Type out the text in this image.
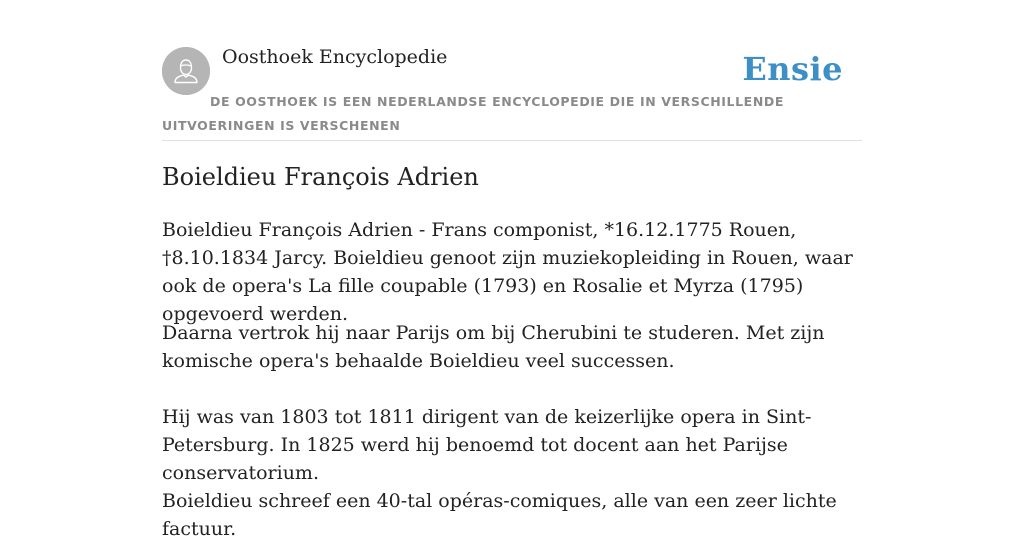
Oosthoek Encyclopedie	Ensie
DE OOSTHOEK IS EEN NEDERLANDSE ENCYCLOPEDIE DIE IN VERSCHILLENDE UITVOERINGEN IS VERSCHENEN
Boieldieu François Adrien

Boieldieu François Adrien - Frans componist, *16.12.1775 Rouen, †8.10.1834 Jarcy. Boieldieu genoot zijn muziekopleiding in Rouen, waar ook de opera's La fille coupable (1793) en Rosalie et Myrza (1795) opgevoerd werden.

Daarna vertrok hij naar Parijs om bij Cherubini te studeren. Met zijn komische opera's behaalde Boieldieu veel successen.

Hij was van 1803 tot 1811 dirigent van de keizerlijke opera in Sint-Petersburg. In 1825 werd hij benoemd tot docent aan het Parijse conservatorium.

Boieldieu schreef een 40-tal opéras-comiques, alle van een zeer lichte factuur.
